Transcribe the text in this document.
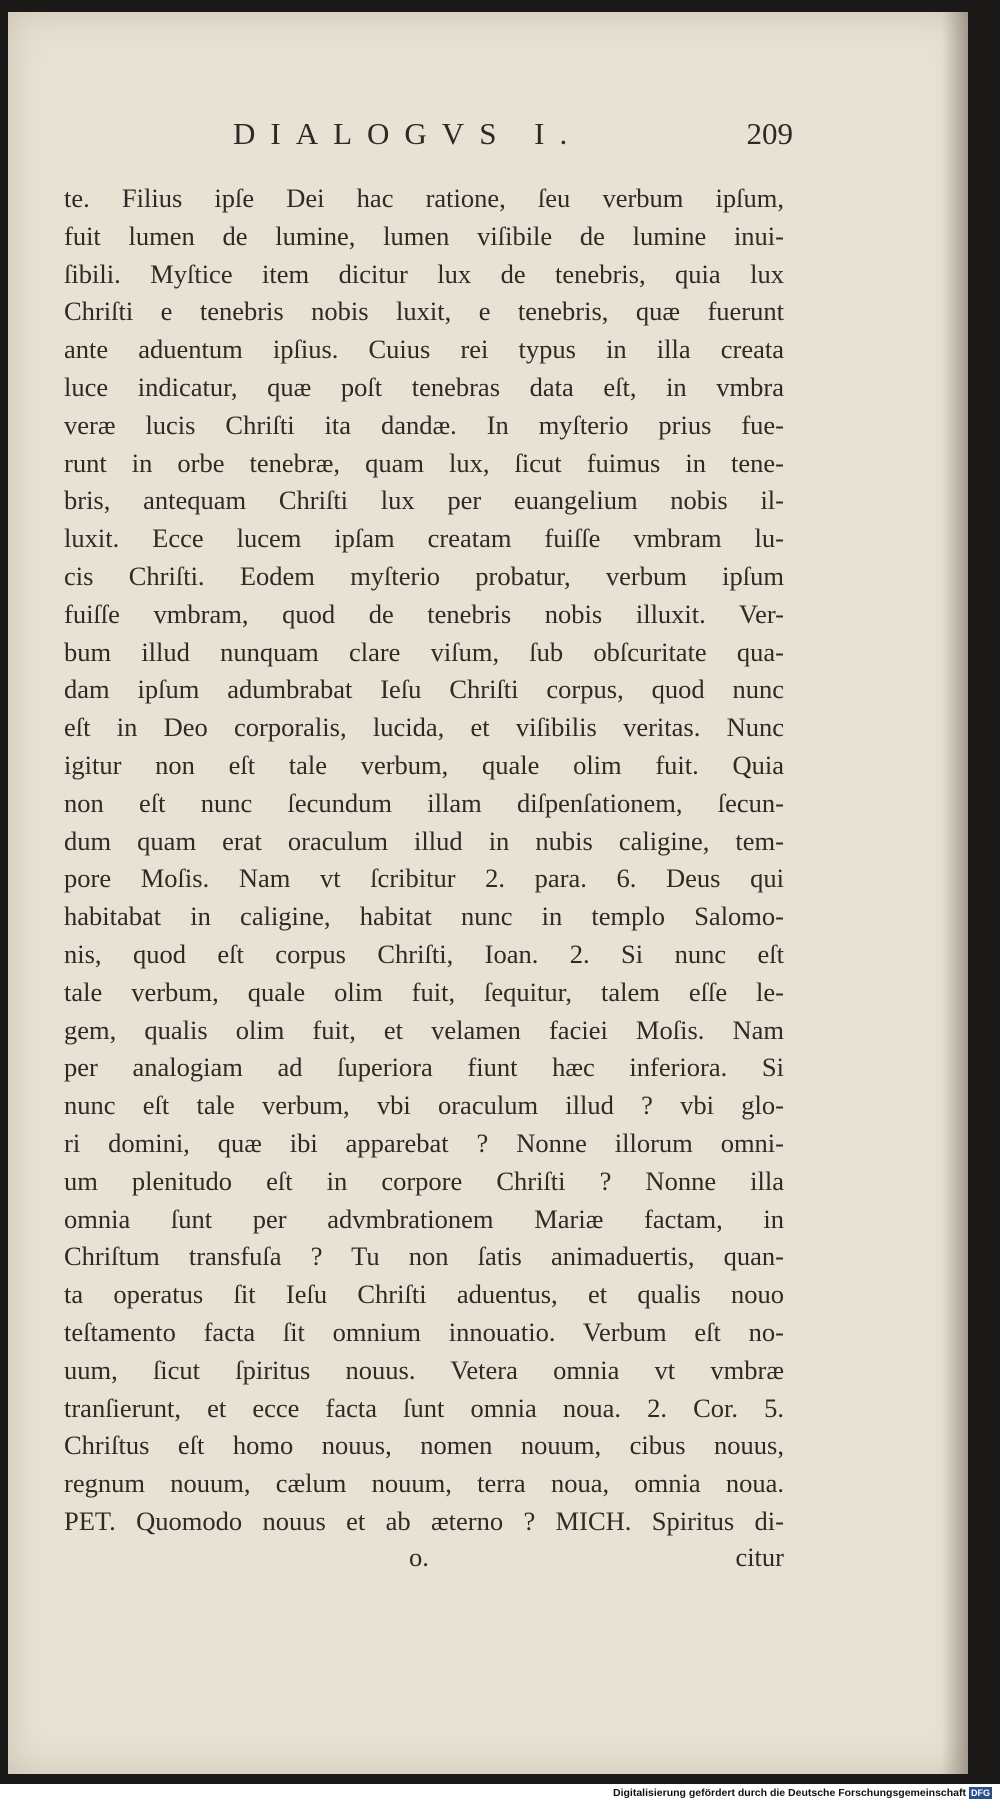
DIALOGVS I.	209
te. Filius ipſe Dei hac ratione, ſeu verbum ipſum,
fuit lumen de lumine, lumen viſibile de lumine inui-
ſibili. Myſtice item dicitur lux de tenebris, quia lux
Chriſti e tenebris nobis luxit, e tenebris, quæ fuerunt
ante aduentum ipſius. Cuius rei typus in illa creata
luce indicatur, quæ poſt tenebras data eſt, in vmbra
veræ lucis Chriſti ita dandæ. In myſterio prius fue-
runt in orbe tenebræ, quam lux, ſicut fuimus in tene-
bris, antequam Chriſti lux per euangelium nobis il-
luxit. Ecce lucem ipſam creatam fuiſſe vmbram lu-
cis Chriſti. Eodem myſterio probatur, verbum ipſum
fuiſſe vmbram, quod de tenebris nobis illuxit. Ver-
bum illud nunquam clare viſum, ſub obſcuritate qua-
dam ipſum adumbrabat Ieſu Chriſti corpus, quod nunc
eſt in Deo corporalis, lucida, et viſibilis veritas. Nunc
igitur non eſt tale verbum, quale olim fuit. Quia
non eſt nunc ſecundum illam diſpenſationem, ſecun-
dum quam erat oraculum illud in nubis caligine, tem-
pore Moſis. Nam vt ſcribitur 2. para. 6. Deus qui
habitabat in caligine, habitat nunc in templo Salomo-
nis, quod eſt corpus Chriſti, Ioan. 2. Si nunc eſt
tale verbum, quale olim fuit, ſequitur, talem eſſe le-
gem, qualis olim fuit, et velamen faciei Moſis. Nam
per analogiam ad ſuperiora fiunt hæc inferiora. Si
nunc eſt tale verbum, vbi oraculum illud ? vbi glo-
ri domini, quæ ibi apparebat ? Nonne illorum omni-
um plenitudo eſt in corpore Chriſti ? Nonne illa
omnia ſunt per advmbrationem Mariæ factam, in
Chriſtum transfuſa ? Tu non ſatis animaduertis, quan-
ta operatus ſit Ieſu Chriſti aduentus, et qualis nouo
teſtamento facta ſit omnium innouatio. Verbum eſt no-
uum, ſicut ſpiritus nouus. Vetera omnia vt vmbræ
tranſierunt, et ecce facta ſunt omnia noua. 2. Cor. 5.
Chriſtus eſt homo nouus, nomen nouum, cibus nouus,
regnum nouum, cælum nouum, terra noua, omnia noua.
PET. Quomodo nouus et ab æterno ? MICH. Spiritus di-
o.	citur
Digitalisierung gefördert durch die Deutsche Forschungsgemeinschaft DFG
